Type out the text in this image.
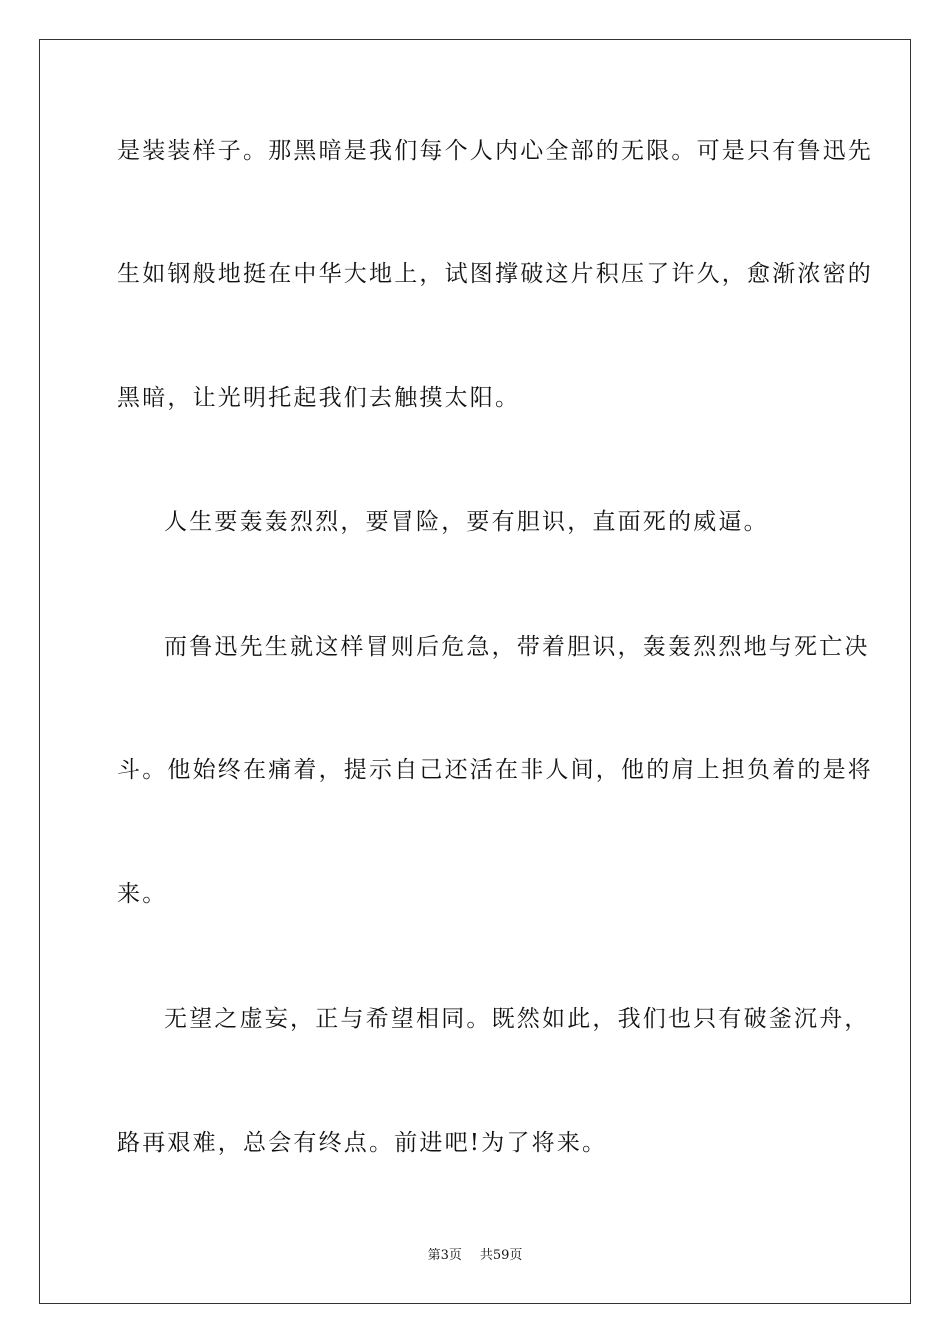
是装装样子。那黑暗是我们每个人内心全部的无限。可是只有鲁迅先
生如钢般地挺在中华大地上，试图撑破这片积压了许久，愈渐浓密的
黑暗，让光明托起我们去触摸太阳。
人生要轰轰烈烈，要冒险，要有胆识，直面死的威逼。
而鲁迅先生就这样冒则后危急，带着胆识，轰轰烈烈地与死亡决
斗。他始终在痛着，提示自己还活在非人间，他的肩上担负着的是将
来。
无望之虚妄，正与希望相同。既然如此，我们也只有破釜沉舟，
路再艰难，总会有终点。前进吧!为了将来。
第3页 共59页
